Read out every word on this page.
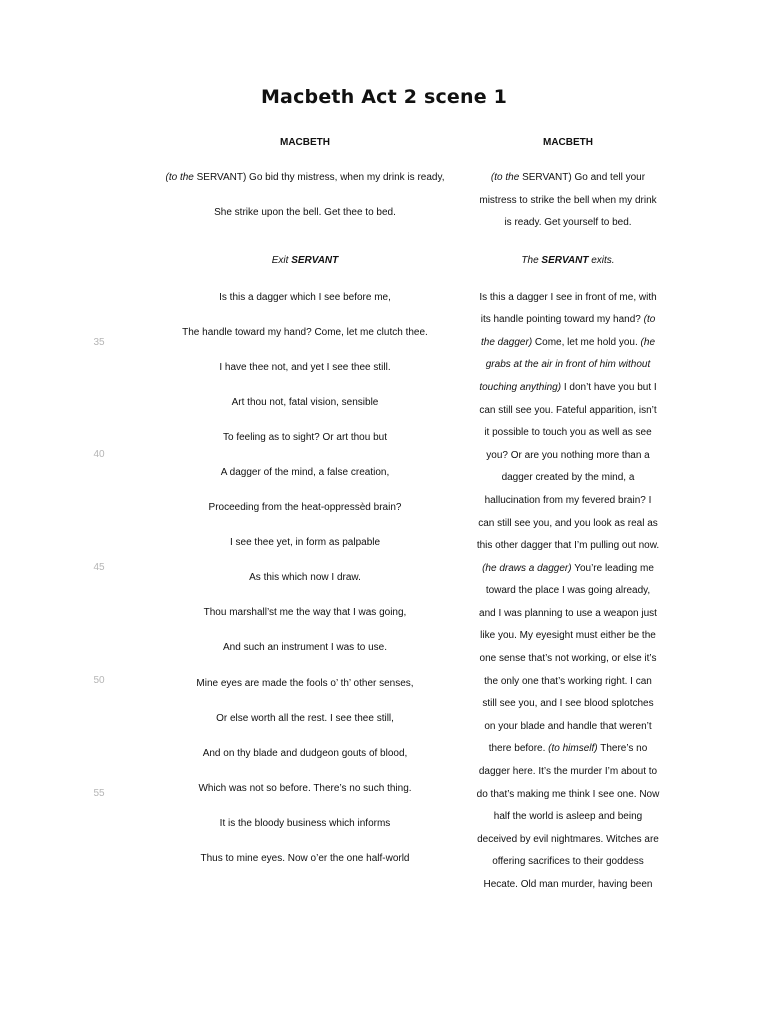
Macbeth Act 2 scene 1
MACBETH	MACBETH
(to the SERVANT) Go bid thy mistress, when my drink is ready,
She strike upon the bell. Get thee to bed.
Exit SERVANT
Is this a dagger which I see before me,
The handle toward my hand? Come, let me clutch thee.
I have thee not, and yet I see thee still.
Art thou not, fatal vision, sensible
To feeling as to sight? Or art thou but
A dagger of the mind, a false creation,
Proceeding from the heat-oppressèd brain?
I see thee yet, in form as palpable
As this which now I draw.
Thou marshall’st me the way that I was going,
And such an instrument I was to use.
Mine eyes are made the fools o’ th’ other senses,
Or else worth all the rest. I see thee still,
And on thy blade and dudgeon gouts of blood,
Which was not so before. There’s no such thing.
It is the bloody business which informs
Thus to mine eyes. Now o’er the one half-world
35
40
45
50
55
(to the SERVANT) Go and tell your
mistress to strike the bell when my drink
is ready. Get yourself to bed.
The SERVANT exits.
Is this a dagger I see in front of me, with
its handle pointing toward my hand? (to
the dagger) Come, let me hold you. (he
grabs at the air in front of him without
touching anything) I don’t have you but I
can still see you. Fateful apparition, isn’t
it possible to touch you as well as see
you? Or are you nothing more than a
dagger created by the mind, a
hallucination from my fevered brain? I
can still see you, and you look as real as
this other dagger that I’m pulling out now.
(he draws a dagger) You’re leading me
toward the place I was going already,
and I was planning to use a weapon just
like you. My eyesight must either be the
one sense that’s not working, or else it’s
the only one that’s working right. I can
still see you, and I see blood splotches
on your blade and handle that weren’t
there before. (to himself) There’s no
dagger here. It’s the murder I’m about to
do that’s making me think I see one. Now
half the world is asleep and being
deceived by evil nightmares. Witches are
offering sacrifices to their goddess
Hecate. Old man murder, having been
